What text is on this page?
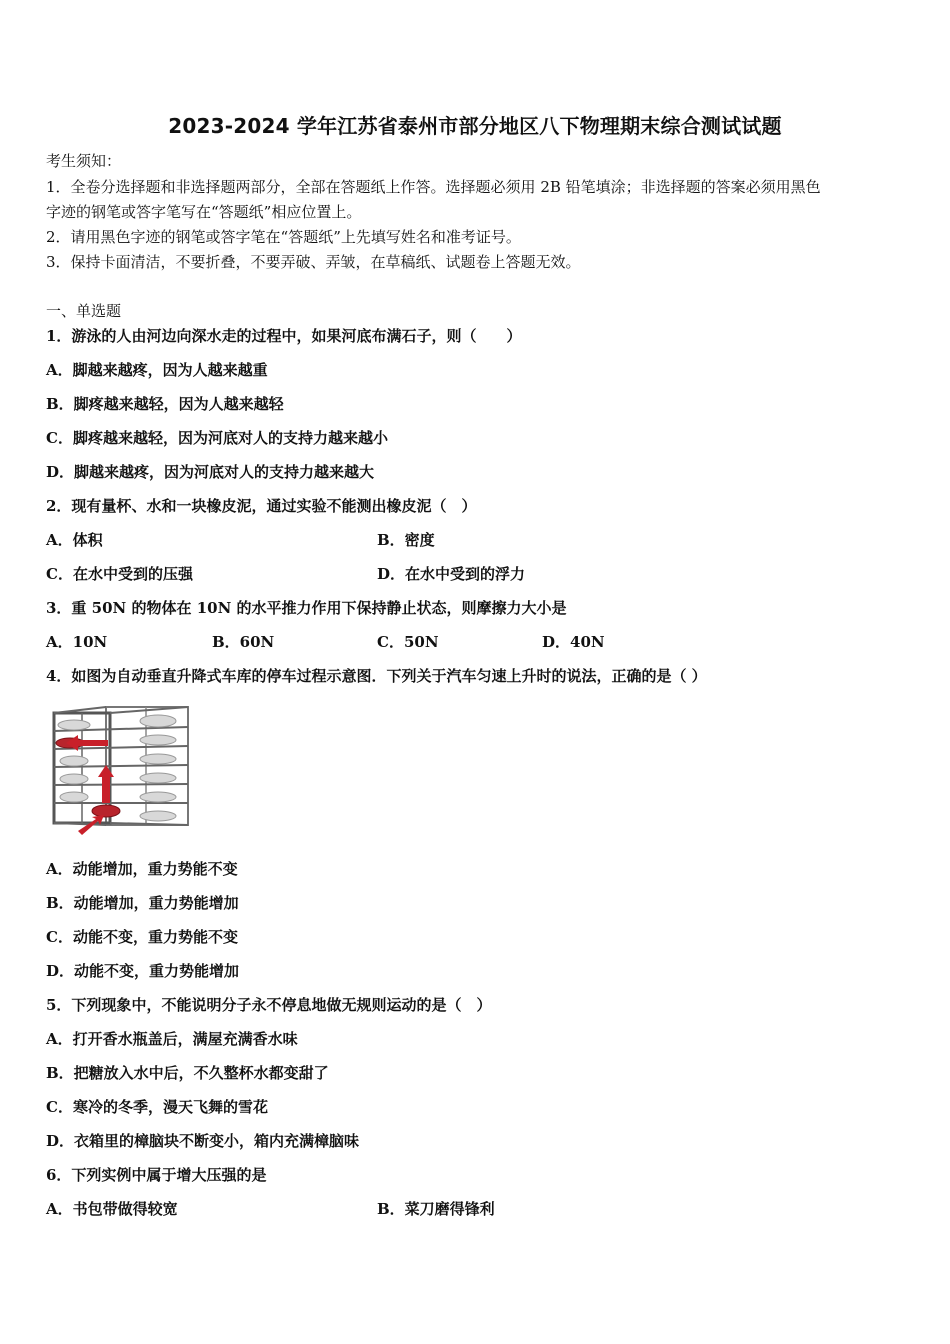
2023-2024 学年江苏省泰州市部分地区八下物理期末综合测试试题
考生须知：
1．全卷分选择题和非选择题两部分，全部在答题纸上作答。选择题必须用 2B 铅笔填涂；非选择题的答案必须用黑色
字迹的钢笔或答字笔写在“答题纸”相应位置上。
2．请用黑色字迹的钢笔或答字笔在“答题纸”上先填写姓名和准考证号。
3．保持卡面清洁，不要折叠，不要弄破、弄皱，在草稿纸、试题卷上答题无效。
一、单选题
1．游泳的人由河边向深水走的过程中，如果河底布满石子，则（　　）
A．脚越来越疼，因为人越来越重
B．脚疼越来越轻，因为人越来越轻
C．脚疼越来越轻，因为河底对人的支持力越来越小
D．脚越来越疼，因为河底对人的支持力越来越大
2．现有量杯、水和一块橡皮泥，通过实验不能测出橡皮泥（　）
A．体积	B．密度
C．在水中受到的压强	D．在水中受到的浮力
3．重 50N 的物体在 10N 的水平推力作用下保持静止状态，则摩擦力大小是
A．10N	B．60N	C．50N	D．40N
4．如图为自动垂直升降式车库的停车过程示意图．下列关于汽车匀速上升时的说法，正确的是（ ）
A．动能增加，重力势能不变
B．动能增加，重力势能增加
C．动能不变，重力势能不变
D．动能不变，重力势能增加
5．下列现象中，不能说明分子永不停息地做无规则运动的是（　）
A．打开香水瓶盖后，满屋充满香水味
B．把糖放入水中后，不久整杯水都变甜了
C．寒冷的冬季，漫天飞舞的雪花
D．衣箱里的樟脑块不断变小，箱内充满樟脑味
6．下列实例中属于增大压强的是
A．书包带做得较宽	B．菜刀磨得锋利
